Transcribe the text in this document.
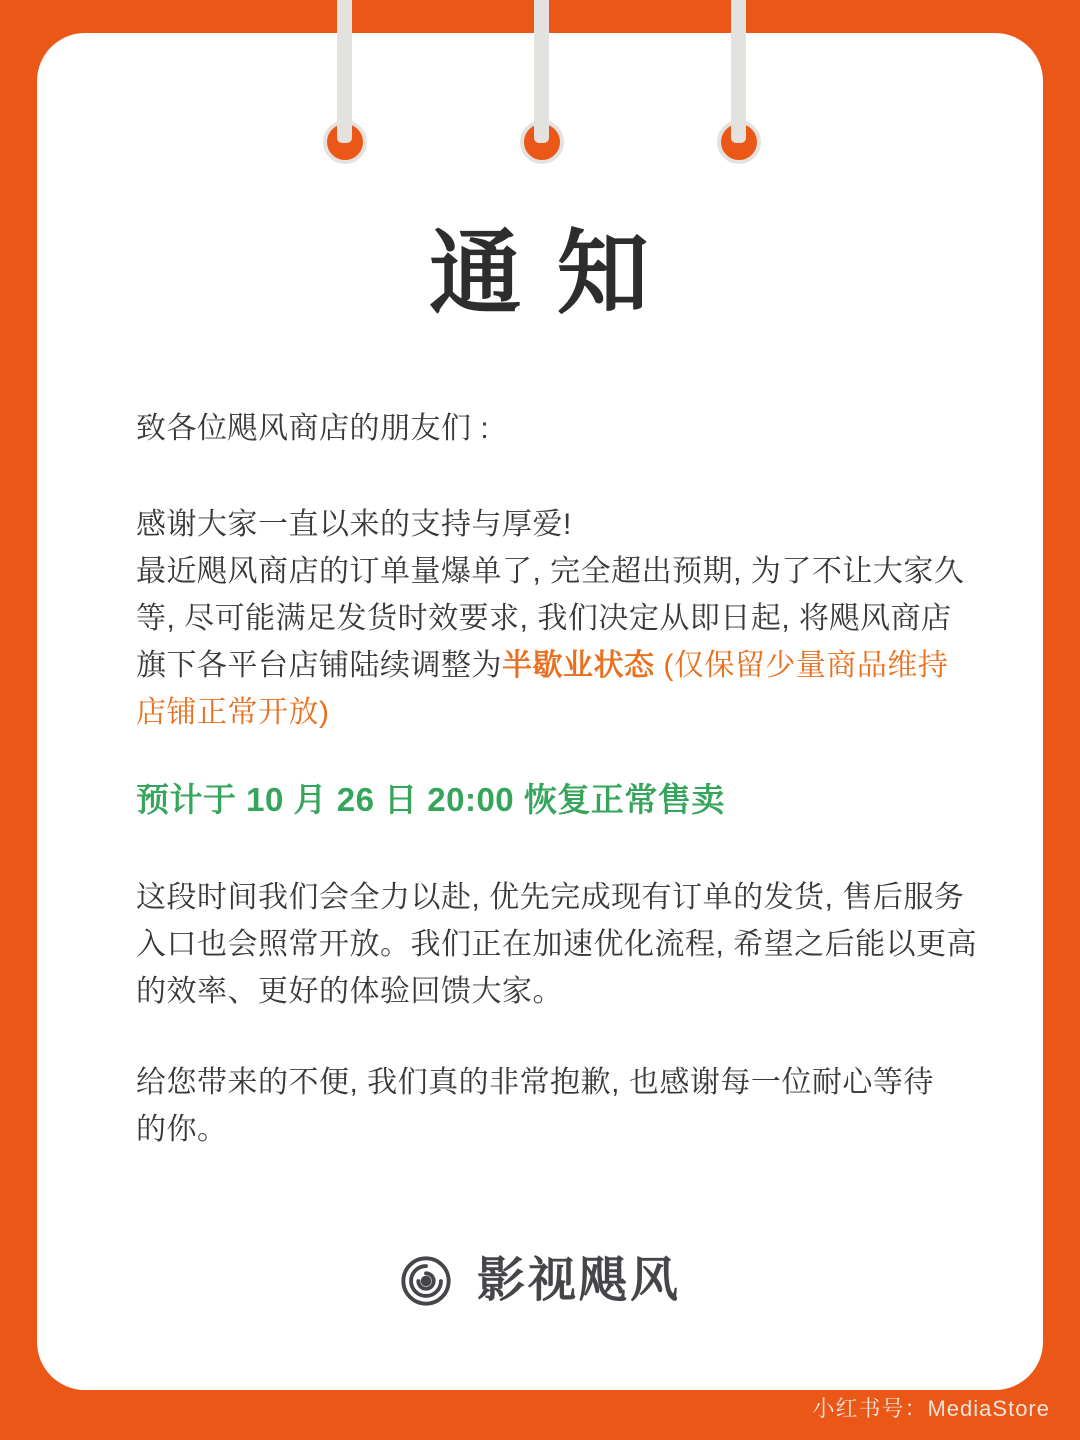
通 知
致各位飓风商店的朋友们 :
感谢大家一直以来的支持与厚爱!
最近飓风商店的订单量爆单了, 完全超出预期, 为了不让大家久
等, 尽可能满足发货时效要求, 我们决定从即日起, 将飓风商店
旗下各平台店铺陆续调整为半歇业状态 (仅保留少量商品维持
店铺正常开放)
预计于 10 月 26 日 20:00 恢复正常售卖
这段时间我们会全力以赴, 优先完成现有订单的发货, 售后服务
入口也会照常开放。我们正在加速优化流程, 希望之后能以更高
的效率、更好的体验回馈大家。
给您带来的不便, 我们真的非常抱歉, 也感谢每一位耐心等待
的你。
影视飓风
小红书号：MediaStore
